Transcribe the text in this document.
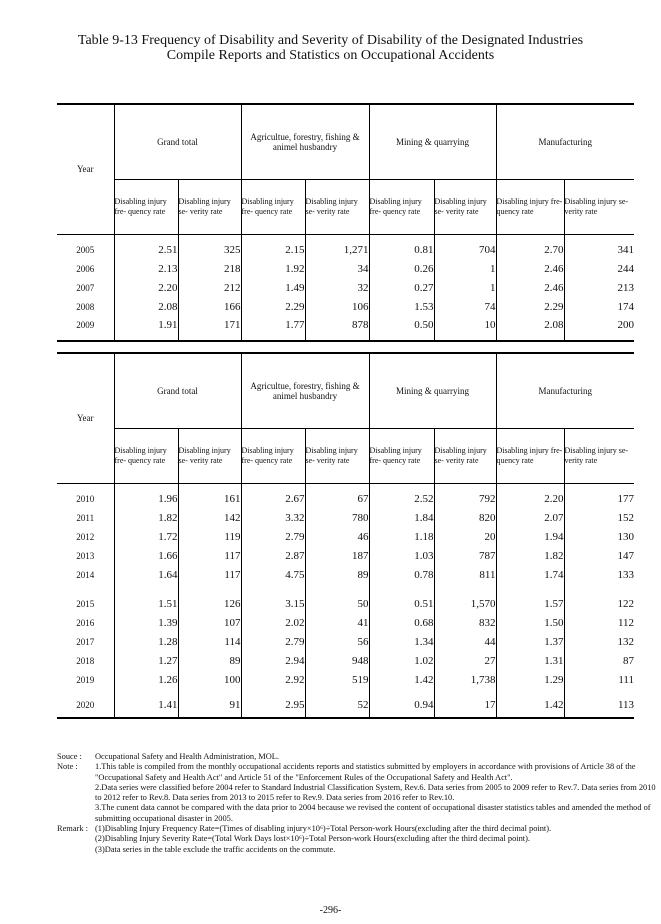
Table 9-13 Frequency of Disability and Severity of Disability of the Designated Industries
Compile Reports and Statistics on Occupational Accidents
Year	Grand total		Agricultue, forestry, fishing & animel husbandry		Mining & quarrying		Manufacturing	
	Disabling injury fre- quency rate	Disabling injury se- verity rate	Disabling injury fre- quency rate	Disabling injury se- verity rate	Disabling injury fre- quency rate	Disabling injury se- verity rate	Disabling injury fre- quency rate	Disabling injury se- verity rate
2005	2.51	325	2.15	1,271	0.81	704	2.70	341
2006	2.13	218	1.92	34	0.26	1	2.46	244
2007	2.20	212	1.49	32	0.27	1	2.46	213
2008	2.08	166	2.29	106	1.53	74	2.29	174
2009	1.91	171	1.77	878	0.50	10	2.08	200
Year	Grand total		Agricultue, forestry, fishing & animel husbandry		Mining & quarrying		Manufacturing	
	Disabling injury fre- quency rate	Disabling injury se- verity rate	Disabling injury fre- quency rate	Disabling injury se- verity rate	Disabling injury fre- quency rate	Disabling injury se- verity rate	Disabling injury fre- quency rate	Disabling injury se- verity rate
2010	1.96	161	2.67	67	2.52	792	2.20	177
2011	1.82	142	3.32	780	1.84	820	2.07	152
2012	1.72	119	2.79	46	1.18	20	1.94	130
2013	1.66	117	2.87	187	1.03	787	1.82	147
2014	1.64	117	4.75	89	0.78	811	1.74	133
2015	1.51	126	3.15	50	0.51	1,570	1.57	122
2016	1.39	107	2.02	41	0.68	832	1.50	112
2017	1.28	114	2.79	56	1.34	44	1.37	132
2018	1.27	89	2.94	948	1.02	27	1.31	87
2019	1.26	100	2.92	519	1.42	1,738	1.29	111
2020	1.41	91	2.95	52	0.94	17	1.42	113
Souce :	Occupational Safety and Health Administration, MOL.
Note :	1.This table is compiled from the monthly occupational accidents reports and statistics submitted by employers in accordance with provisions of Article 38 of the "Occupational Safety and Health Act" and Article 51 of the "Enforcement Rules of the Occupational Safety and Health Act".
2.Data series were classified before 2004 refer to Standard Industrial Classification System, Rev.6. Data series from 2005 to 2009 refer to Rev.7. Data series from 2010 to 2012 refer to Rev.8. Data series from 2013 to 2015 refer to Rev.9. Data series from 2016 refer to Rev.10.
3.The cunent data cannot be compared with the data prior to 2004 because we revised the content of occupational disaster statistics tables and amended the method of submitting occupational disaster in 2005.
Remark : (1)Disabling Injury Frequency Rate=(Times of disabling injury×10⁶)÷Total Person-work Hours(excluding after the third decimal point).
(2)Disabling Injury Severity Rate=(Total Work Days lost×10⁶)÷Total Person-work Hours(excluding after the third decimal point).
(3)Data series in the table exclude the traffic accidents on the commute.
-296-
